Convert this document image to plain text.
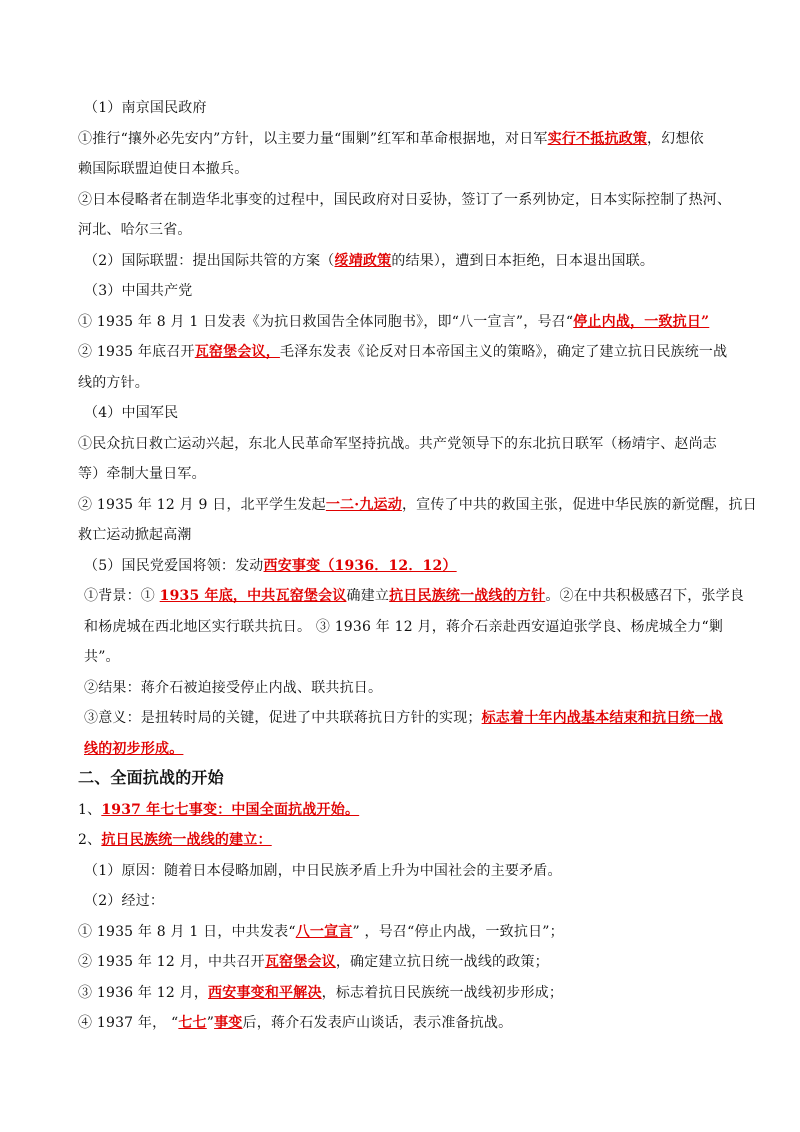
（1）南京国民政府
①推行“攘外必先安内”方针，以主要力量“围剿”红军和革命根据地，对日军实行不抵抗政策，幻想依
赖国际联盟迫使日本撤兵。
②日本侵略者在制造华北事变的过程中，国民政府对日妥协，签订了一系列协定，日本实际控制了热河、
河北、哈尔三省。
（2）国际联盟：提出国际共管的方案（绥靖政策的结果），遭到日本拒绝，日本退出国联。
（3）中国共产党
① 1935 年 8 月 1 日发表《为抗日救国告全体同胞书》，即“八一宣言”，号召“停止内战，一致抗日”
② 1935 年底召开瓦窑堡会议，毛泽东发表《论反对日本帝国主义的策略》，确定了建立抗日民族统一战
线的方针。
（4）中国军民
①民众抗日救亡运动兴起，东北人民革命军坚持抗战。共产党领导下的东北抗日联军（杨靖宇、赵尚志
等）牵制大量日军。
② 1935 年 12 月 9 日，北平学生发起一二·九运动，宣传了中共的救国主张，促进中华民族的新觉醒，抗日
救亡运动掀起高潮
（5）国民党爱国将领：发动西安事变（1936．12．12）
①背景：① 1935 年底，中共瓦窑堡会议确建立抗日民族统一战线的方针。②在中共积极感召下，张学良
和杨虎城在西北地区实行联共抗日。 ③ 1936 年 12 月，蒋介石亲赴西安逼迫张学良、杨虎城全力“剿
共”。
②结果：蒋介石被迫接受停止内战、联共抗日。
③意义：是扭转时局的关键，促进了中共联蒋抗日方针的实现；标志着十年内战基本结束和抗日统一战
线的初步形成。
二、全面抗战的开始
1、1937 年七七事变：中国全面抗战开始。
2、抗日民族统一战线的建立：
（1）原因：随着日本侵略加剧，中日民族矛盾上升为中国社会的主要矛盾。
（2）经过：
① 1935 年 8 月 1 日，中共发表“八一宣言” ，号召“停止内战，一致抗日”；
② 1935 年 12 月，中共召开瓦窑堡会议，确定建立抗日统一战线的政策；
③ 1936 年 12 月，西安事变和平解决，标志着抗日民族统一战线初步形成；
④ 1937 年， “七七”事变后，蒋介石发表庐山谈话，表示准备抗战。
